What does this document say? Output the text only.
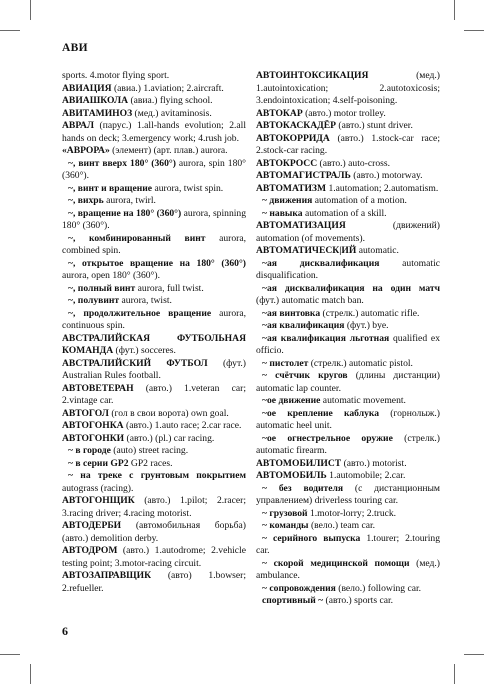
АВИ

sports. 4.motor flying sport.

АВИАЦИЯ (авиа.) 1.aviation; 2.aircraft.

АВИАШКОЛА (авиа.) flying school.

АВИТАМИНОЗ (мед.) avitaminosis.

АВРАЛ (парус.) 1.all-hands evolution; 2.all hands on deck; 3.emergency work; 4.rush job.

«АВРОРА» (элемент) (арт. плав.) aurora.

~, винт вверх 180° (360°) aurora, spin 180° (360°).

~, винт и вращение aurora, twist spin.

~, вихрь aurora, twirl.

~, вращение на 180° (360°) aurora, spinning 180° (360°).

~, комбинированный винт aurora, combined spin.

~, открытое вращение на 180° (360°) aurora, open 180° (360°).

~, полный винт aurora, full twist.

~, полувинт aurora, twist.

~, продолжительное вращение aurora, continuous spin.

АВСТРАЛИЙСКАЯ ФУТБОЛЬНАЯ КОМАНДА (фут.) socceres.

АВСТРАЛИЙСКИЙ ФУТБОЛ (фут.) Australian Rules football.

АВТОВЕТЕРАН (авто.) 1.veteran car; 2.vintage car.

АВТОГОЛ (гол в свои ворота) own goal.

АВТОГОНКА (авто.) 1.auto race; 2.car race.

АВТОГОНКИ (авто.) (pl.) car racing.

~ в городе (auto) street racing.

~ в серии GP2 GP2 races.

~ на треке с грунтовым покрытием autograss (racing).

АВТОГОНЩИК (авто.) 1.pilot; 2.racer; 3.racing driver; 4.racing motorist.

АВТОДЕРБИ (автомобильная борьба) (авто.) demolition derby.

АВТОДРОМ (авто.) 1.autodrome; 2.vehicle testing point; 3.motor-racing circuit.

АВТОЗАПРАВЩИК (авто) 1.bowser; 2.refueller.

АВТОИНТОКСИКАЦИЯ (мед.) 1.autointoxication; 2.autotoxicosis; 3.endointoxication; 4.self-poisoning.

АВТОКАР (авто.) motor trolley.

АВТОКАСКАДЁР (авто.) stunt driver.

АВТОКОРРИДА (авто.) 1.stock-car race; 2.stock-car racing.

АВТОКРОСС (авто.) auto-cross.

АВТОМАГИСТРАЛЬ (авто.) motorway.

АВТОМАТИЗМ 1.automation; 2.automatism.

~ движения automation of a motion.

~ навыка automation of a skill.

АВТОМАТИЗАЦИЯ (движений) automation (of movements).

АВТОМАТИЧЕСК|ИЙ automatic.

~ая дисквалификация automatic disqualification.

~ая дисквалификация на один матч (фут.) automatic match ban.

~ая винтовка (стрелк.) automatic rifle.

~ая квалификация (фут.) bye.

~ая квалификация льготная qualified ex officio.

~ пистолет (стрелк.) automatic pistol.

~ счётчик кругов (длины дистанции) automatic lap counter.

~ое движение automatic movement.

~ое крепление каблука (горнолыж.) automatic heel unit.

~ое огнестрельное оружие (стрелк.) automatic firearm.

АВТОМОБИЛИСТ (авто.) motorist.

АВТОМОБИЛЬ 1.automobile; 2.car.

~ без водителя (с дистанционным управлением) driverless touring car.

~ грузовой 1.motor-lorry; 2.truck.

~ команды (вело.) team car.

~ серийного выпуска 1.tourer; 2.touring car.

~ скорой медицинской помощи (мед.) ambulance.

~ сопровождения (вело.) following car.

спортивный ~ (авто.) sports car.

6
